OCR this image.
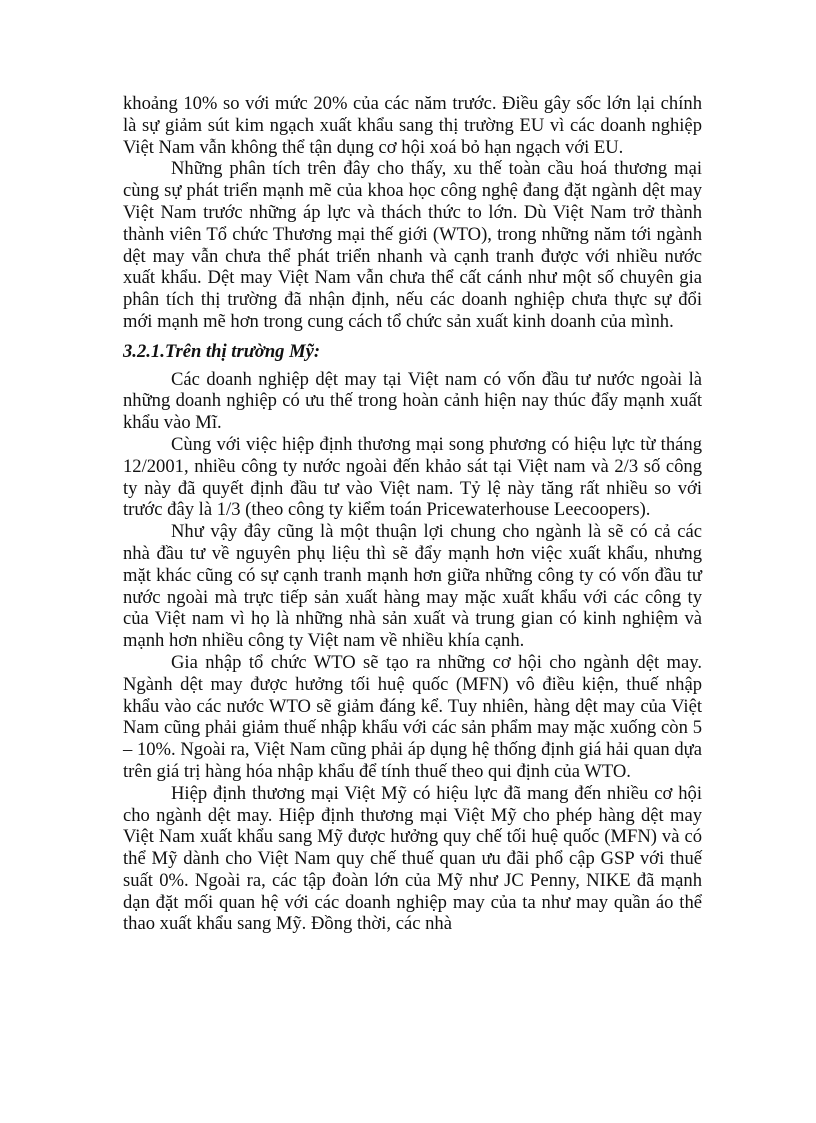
khoảng 10% so với mức 20% của các năm trước. Điều gây sốc lớn lại chính là sự giảm sút kim ngạch xuất khẩu sang thị trường EU vì các doanh nghiệp Việt Nam vẫn không thể tận dụng cơ hội xoá bỏ hạn ngạch với EU.

Những phân tích trên đây cho thấy, xu thế toàn cầu hoá thương mại cùng sự phát triển mạnh mẽ của khoa học công nghệ đang đặt ngành dệt may Việt Nam trước những áp lực và thách thức to lớn. Dù Việt Nam trở thành thành viên Tổ chức Thương mại thế giới (WTO), trong những năm tới ngành dệt may vẫn chưa thể phát triển nhanh và cạnh tranh được với nhiều nước xuất khẩu. Dệt may Việt Nam vẫn chưa thể cất cánh như một số chuyên gia phân tích thị trường đã nhận định, nếu các doanh nghiệp chưa thực sự đổi mới mạnh mẽ hơn trong cung cách tổ chức sản xuất kinh doanh của mình.

3.2.1.Trên thị trường Mỹ:

Các doanh nghiệp dệt may tại Việt nam có vốn đầu tư nước ngoài là những doanh nghiệp có ưu thế trong hoàn cảnh hiện nay thúc đẩy mạnh xuất khẩu vào Mĩ.

Cùng với việc hiệp định thương mại song phương có hiệu lực từ tháng 12/2001, nhiều công ty nước ngoài đến khảo sát tại Việt nam và 2/3 số công ty này đã quyết định đầu tư vào Việt nam. Tỷ lệ này tăng rất nhiều so với trước đây là 1/3 (theo công ty kiểm toán Pricewaterhouse Leecoopers).

Như vậy đây cũng là một thuận lợi chung cho ngành là sẽ có cả các nhà đầu tư về nguyên phụ liệu thì sẽ đẩy mạnh hơn việc xuất khẩu, nhưng mặt khác cũng có sự cạnh tranh mạnh hơn giữa những công ty có vốn đầu tư nước ngoài mà trực tiếp sản xuất hàng may mặc xuất khẩu với các công ty của Việt nam vì họ là những nhà sản xuất và trung gian có kinh nghiệm và mạnh hơn nhiều công ty Việt nam về nhiều khía cạnh.

Gia nhập tổ chức WTO sẽ tạo ra những cơ hội cho ngành dệt may. Ngành dệt may được hưởng tối huệ quốc (MFN) vô điều kiện, thuế nhập khẩu vào các nước WTO sẽ giảm đáng kể. Tuy nhiên, hàng dệt may của Việt Nam cũng phải giảm thuế nhập khẩu với các sản phẩm may mặc xuống còn 5 – 10%. Ngoài ra, Việt Nam cũng phải áp dụng hệ thống định giá hải quan dựa trên giá trị hàng hóa nhập khẩu để tính thuế theo qui định của WTO.

Hiệp định thương mại Việt Mỹ có hiệu lực đã mang đến nhiều cơ hội cho ngành dệt may. Hiệp định thương mại Việt Mỹ cho phép hàng dệt may Việt Nam xuất khẩu sang Mỹ được hưởng quy chế tối huệ quốc (MFN) và có thể Mỹ dành cho Việt Nam quy chế thuế quan ưu đãi phổ cập GSP với thuế suất 0%. Ngoài ra, các tập đoàn lớn của Mỹ như JC Penny, NIKE đã mạnh dạn đặt mối quan hệ với các doanh nghiệp may của ta như may quần áo thể thao xuất khẩu sang Mỹ. Đồng thời, các nhà
